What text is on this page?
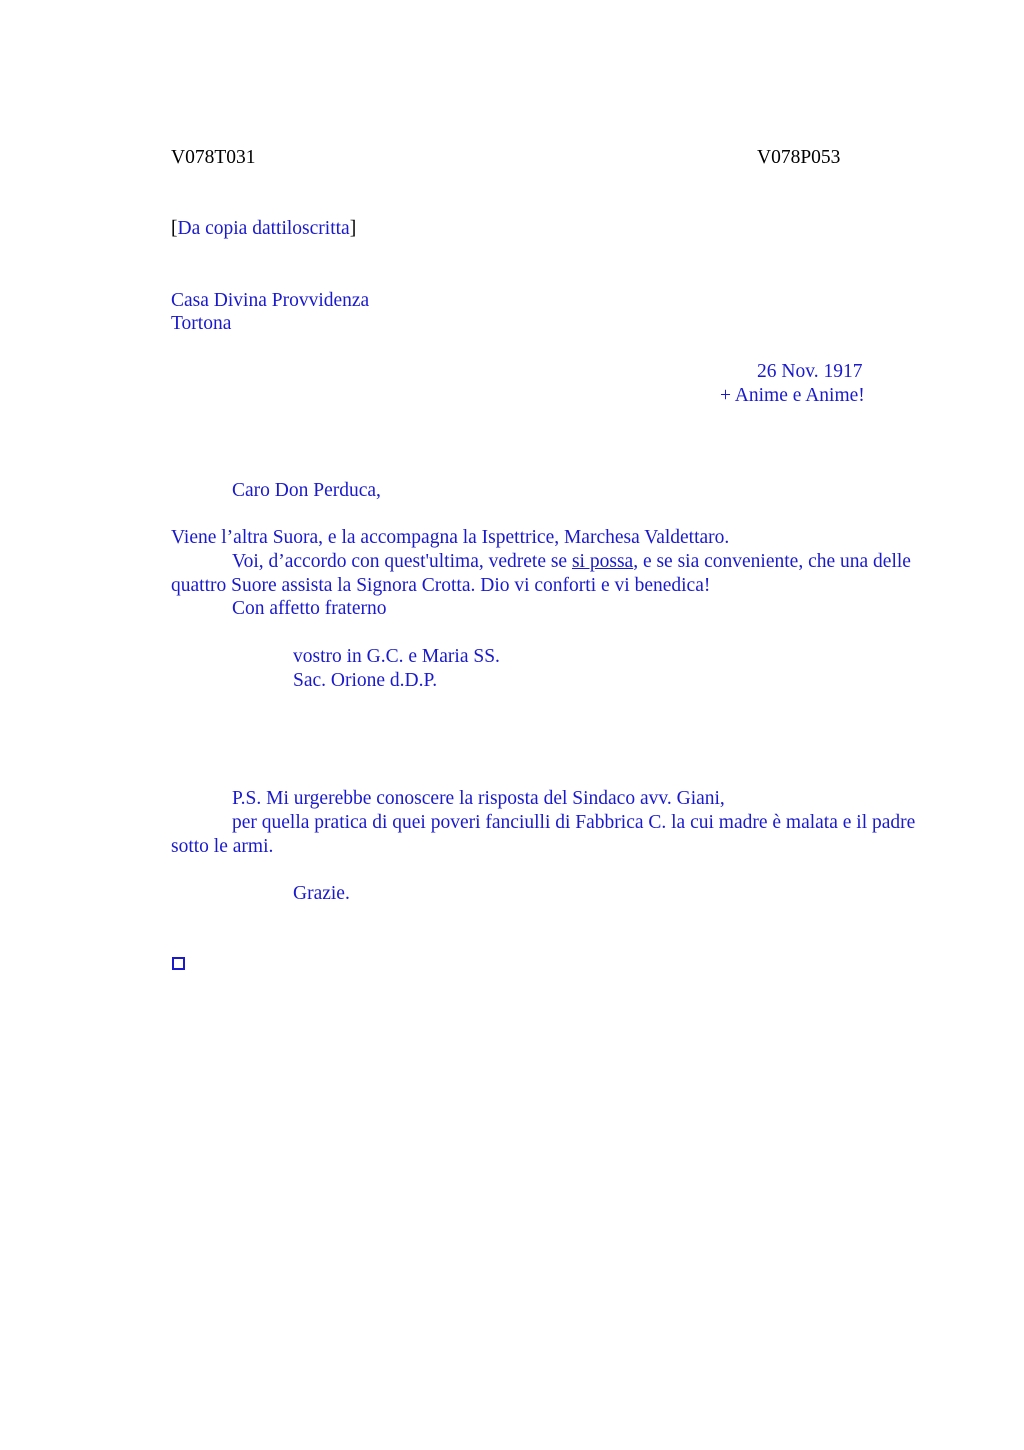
V078T031	V078P053
[Da copia dattiloscritta]
Casa Divina Provvidenza
Tortona
26 Nov. 1917
+ Anime e Anime!
Caro Don Perduca,
Viene l’altra Suora, e la accompagna la Ispettrice, Marchesa Valdettaro.
Voi, d’accordo con quest'ultima, vedrete se si possa, e se sia conveniente, che una delle quattro Suore assista la Signora Crotta. Dio vi conforti e vi benedica!
Con affetto fraterno
vostro in G.C. e Maria SS.
Sac. Orione d.D.P.
P.S. Mi urgerebbe conoscere la risposta del Sindaco avv. Giani,
per quella pratica di quei poveri fanciulli di Fabbrica C. la cui madre è malata e il padre sotto le armi.
Grazie.
